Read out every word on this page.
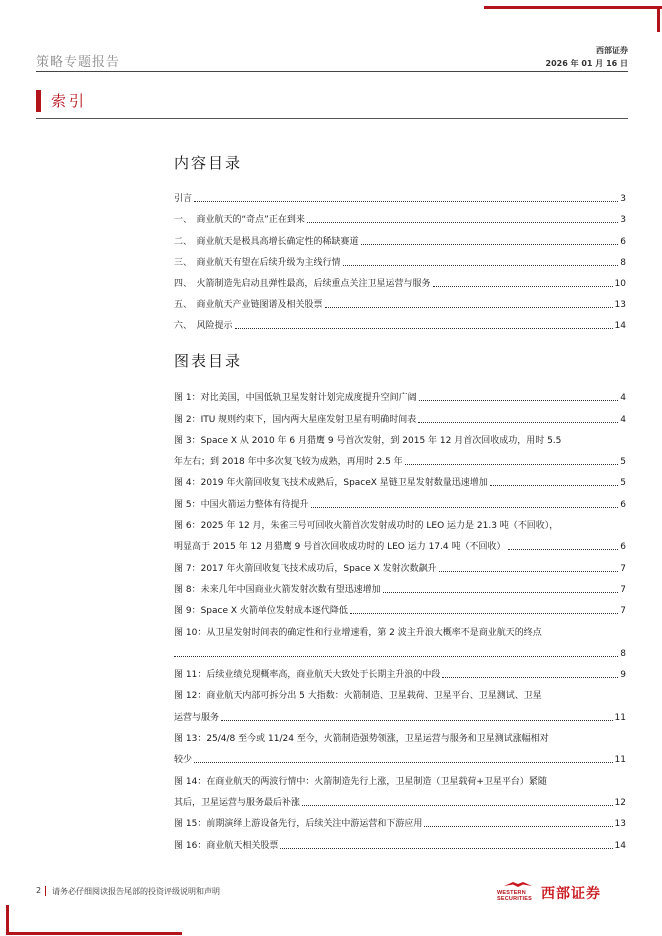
策略专题报告
西部证券
2026 年 01 月 16 日
索引
内容目录
引言	3
一、　商业航天的“奇点”正在到来	3
二、　商业航天是极具高增长确定性的稀缺赛道	6
三、　商业航天有望在后续升级为主线行情	8
四、　火箭制造先启动且弹性最高，后续重点关注卫星运营与服务	10
五、　商业航天产业链图谱及相关股票	13
六、　风险提示	14
图表目录
图 1：对比美国，中国低轨卫星发射计划完成度提升空间广阔	4
图 2：ITU 规则约束下，国内两大星座发射卫星有明确时间表	4
图 3：Space X 从 2010 年 6 月猎鹰 9 号首次发射，到 2015 年 12 月首次回收成功，用时 5.5
年左右；到 2018 年中多次复飞较为成熟，再用时 2.5 年	5
图 4：2019 年火箭回收复飞技术成熟后，SpaceX 星链卫星发射数量迅速增加	5
图 5：中国火箭运力整体有待提升	6
图 6：2025 年 12 月，朱雀三号可回收火箭首次发射成功时的 LEO 运力是 21.3 吨（不回收），
明显高于 2015 年 12 月猎鹰 9 号首次回收成功时的 LEO 运力 17.4 吨（不回收）	6
图 7：2017 年火箭回收复飞技术成功后，Space X 发射次数飙升	7
图 8：未来几年中国商业火箭发射次数有望迅速增加	7
图 9：Space X 火箭单位发射成本逐代降低	7
图 10：从卫星发射时间表的确定性和行业增速看，第 2 波主升浪大概率不是商业航天的终点
8
图 11：后续业绩兑现概率高，商业航天大致处于长期主升浪的中段	9
图 12：商业航天内部可拆分出 5 大指数：火箭制造、卫星载荷、卫星平台、卫星测试、卫星
运营与服务	11
图 13：25/4/8 至今或 11/24 至今，火箭制造强势领涨，卫星运营与服务和卫星测试涨幅相对
较少	11
图 14：在商业航天的两波行情中：火箭制造先行上涨，卫星制造（卫星载荷+卫星平台）紧随
其后，卫星运营与服务最后补涨	12
图 15：前期演绎上游设备先行，后续关注中游运营和下游应用	13
图 16：商业航天相关股票	14
2 请务必仔细阅读报告尾部的投资评级说明和声明	WESTERN
SECURITIES 西部证券
